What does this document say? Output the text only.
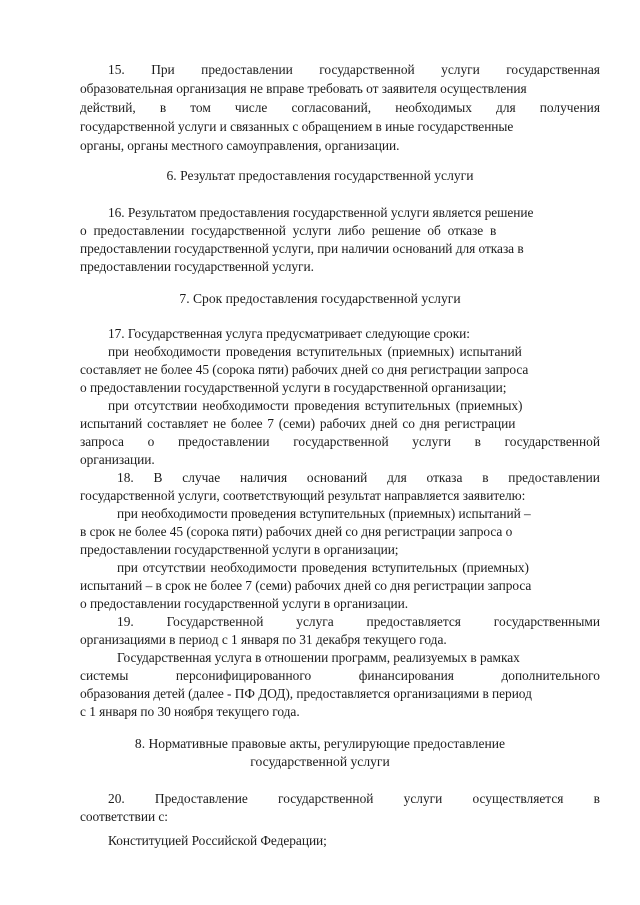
15. При предоставлении государственной услуги государственная
образовательная организация не вправе требовать от заявителя осуществления
действий, в том числе согласований, необходимых для получения
государственной услуги и связанных с обращением в иные государственные
органы, органы местного самоуправления, организации.
6. Результат предоставления государственной услуги
16. Результатом предоставления государственной услуги является решение
о предоставлении государственной услуги либо решение об отказе в
предоставлении государственной услуги, при наличии оснований для отказа в
предоставлении государственной услуги.
7. Срок предоставления государственной услуги
17. Государственная услуга предусматривает следующие сроки:
при необходимости проведения вступительных (приемных) испытаний
составляет не более 45 (сорока пяти) рабочих дней со дня регистрации запроса
о предоставлении государственной услуги в государственной организации;
при отсутствии необходимости проведения вступительных (приемных)
испытаний составляет не более 7 (семи) рабочих дней со дня регистрации
запроса о предоставлении государственной услуги в государственной
организации.
18. В случае наличия оснований для отказа в предоставлении
государственной услуги, соответствующий результат направляется заявителю:
при необходимости проведения вступительных (приемных) испытаний –
в срок не более 45 (сорока пяти) рабочих дней со дня регистрации запроса о
предоставлении государственной услуги в организации;
при отсутствии необходимости проведения вступительных (приемных)
испытаний – в срок не более 7 (семи) рабочих дней со дня регистрации запроса
о предоставлении государственной услуги в организации.
19. Государственной услуга предоставляется государственными
организациями в период с 1 января по 31 декабря текущего года.
Государственная услуга в отношении программ, реализуемых в рамках
системы	персонифицированного	финансирования	дополнительного
образования детей (далее - ПФ ДОД), предоставляется организациями в период
с 1 января по 30 ноября текущего года.
8. Нормативные правовые акты, регулирующие предоставление
государственной услуги
20. Предоставление государственной услуги осуществляется в
соответствии с:
Конституцией Российской Федерации;
